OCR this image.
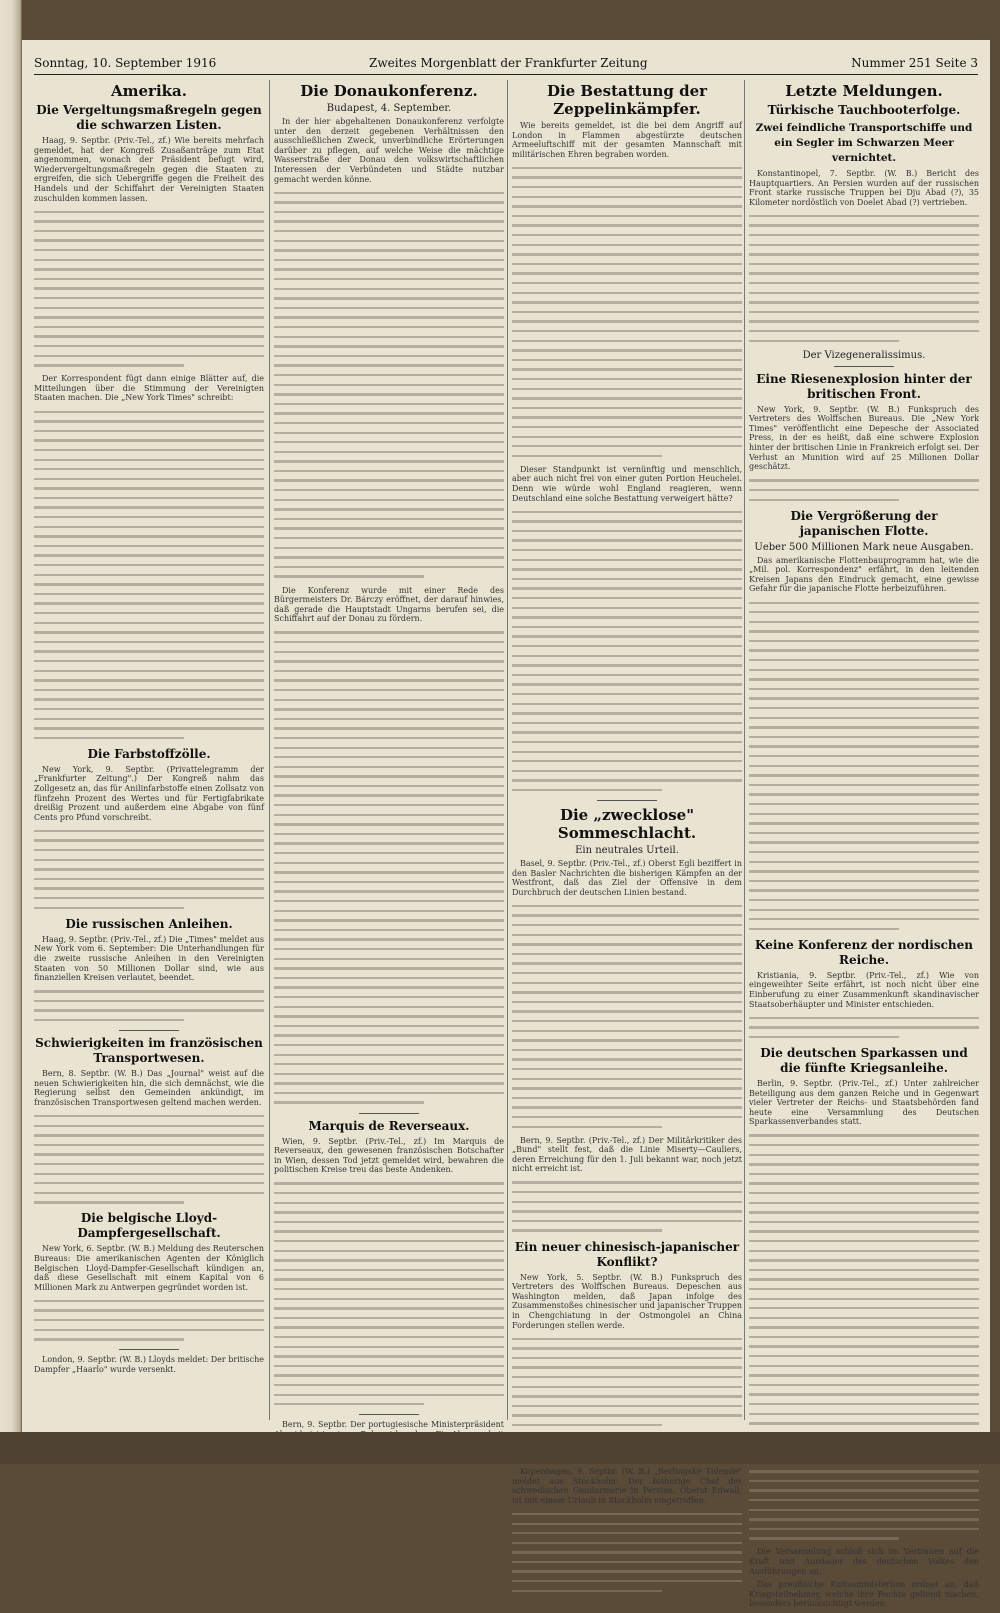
Sonntag, 10. September 1916	Zweites Morgenblatt der Frankfurter Zeitung	Nummer 251 Seite 3
Amerika.
Die Vergeltungsmaßregeln gegen die schwarzen Listen.

Haag, 9. Septbr. (Priv.-Tel., zf.) Wie bereits mehrfach gemeldet, hat der Kongreß Zusaßanträge zum Etat angenommen, wonach der Präsident befugt wird, Wiedervergeltungsmaßregeln gegen die Staaten zu ergreifen, die sich Uebergriffe gegen die Freiheit des Handels und der Schiffahrt der Vereinigten Staaten zuschulden kommen lassen.

Der Korrespondent fügt dann einige Blätter auf, die Mitteilungen über die Stimmung der Vereinigten Staaten machen. Die „New York Times" schreibt:

Die Farbstoffzölle.

New York, 9. Septbr. (Privattelegramm der „Frankfurter Zeitung".) Der Kongreß nahm das Zollgesetz an, das für Anilinfarbstoffe einen Zollsatz von fünfzehn Prozent des Wertes und für Fertigfabrikate dreißig Prozent und außerdem eine Abgabe von fünf Cents pro Pfund vorschreibt.

Die russischen Anleihen.

Haag, 9. Septbr. (Priv.-Tel., zf.) Die „Times" meldet aus New York vom 6. September: Die Unterhandlungen für die zweite russische Anleihen in den Vereinigten Staaten von 50 Millionen Dollar sind, wie aus finanziellen Kreisen verlautet, beendet.

Schwierigkeiten im französischen Transportwesen.

Bern, 8. Septbr. (W. B.) Das „Journal" weist auf die neuen Schwierigkeiten hin, die sich demnächst, wie die Regierung selbst den Gemeinden ankündigt, im französischen Transportwesen geltend machen werden.

Die belgische Lloyd-Dampfergesellschaft.

New York, 6. Septbr. (W. B.) Meldung des Reuterschen Bureaus: Die amerikanischen Agenten der Königlich Belgischen Lloyd-Dampfer-Gesellschaft kündigen an, daß diese Gesellschaft mit einem Kapital von 6 Millionen Mark zu Antwerpen gegründet worden ist.

London, 9. Septbr. (W. B.) Lloyds meldet: Der britische Dampfer „Haarlo" wurde versenkt.

Die Donaukonferenz.
Budapest, 4. September.

In der hier abgehaltenen Donaukonferenz verfolgte unter den derzeit gegebenen Verhältnissen den ausschließlichen Zweck, unverbindliche Erörterungen darüber zu pflegen, auf welche Weise die mächtige Wasserstraße der Donau den volkswirtschaftlichen Interessen der Verbündeten und Städte nutzbar gemacht werden könne.

Die Konferenz wurde mit einer Rede des Bürgermeisters Dr. Bárczy eröffnet, der darauf hinwies, daß gerade die Hauptstadt Ungarns berufen sei, die Schiffahrt auf der Donau zu fördern.

Marquis de Reverseaux.

Wien, 9. Septbr. (Priv.-Tel., zf.) Im Marquis de Reverseaux, den gewesenen französischen Botschafter in Wien, dessen Tod jetzt gemeldet wird, bewahren die politischen Kreise treu das beste Andenken.

Bern, 9. Septbr. Der portugiesische Ministerpräsident

Die Bestattung der Zeppelinkämpfer.

Wie bereits gemeldet, ist die bei dem Angriff auf London in Flammen abgestürzte deutschen Armeeluftschiff mit der gesamten Mannschaft mit militärischen Ehren begraben worden.

Dieser Standpunkt ist vernünftig und menschlich, aber auch nicht frei von einer guten Portion Heuchelei. Denn wie würde wohl England reagieren, wenn Deutschland eine solche Bestattung verweigert hätte?

Die „zwecklose" Sommeschlacht.
Ein neutrales Urteil.

Basel, 9. Septbr. (Priv.-Tel., zf.) Oberst Egli beziffert in den Basler Nachrichten die bisherigen Kämpfen an der Westfront, daß das Ziel der Offensive in dem Durchbruch der deutschen Linien bestand.

Bern, 9. Septbr. (Priv.-Tel., zf.) Der Militärkritiker des „Bund" stellt fest, daß die Linie Miserty—Cauliers, deren Erreichung für den 1. Juli bekannt war, noch jetzt nicht erreicht ist.

Ein neuer chinesisch-japanischer Konflikt?

New York, 5. Septbr. (W. B.) Funkspruch des Vertreters des Wolffschen Bureaus. Depeschen aus Washington melden, daß Japan infolge des Zusammenstoßes chinesischer und japanischer Truppen in Chengchiatung in der Ostmongolei an China Forderungen stellen werde.

Kopenhagen, 9. Septbr. (W. B.) „Berlingske Tidende" meldet aus Stockholm: Der bisherige Chef der schwedischen Gendarmerie in Persien, Oberst Edwall, ist mit einem Urlaub in Stockholm eingetroffen.

Letzte Meldungen.
Türkische Tauchbooterfolge.
Zwei feindliche Transportschiffe und ein Segler im Schwarzen Meer vernichtet.

Konstantinopel, 7. Septbr. (W. B.) Bericht des Hauptquartiers. An Persien wurden auf der russischen Front starke russische Truppen bei Dju Abad (?), 35 Kilometer nordöstlich von Doelet Abad (?) vertrieben.

Der Vizegeneralissimus.
Eine Riesenexplosion hinter der britischen Front.

New York, 9. Septbr. (W. B.) Funkspruch des Vertreters des Wolffschen Bureaus. Die „New York Times" veröffentlicht eine Depesche der Associated Press, in der es heißt, daß eine schwere Explosion hinter der britischen Linie in Frankreich erfolgt sei. Der Verlust an Munition wird auf 25 Millionen Dollar geschätzt.

Die Vergrößerung der japanischen Flotte.
Ueber 500 Millionen Mark neue Ausgaben.

Das amerikanische Flottenbauprogramm hat, wie die „Mil. pol. Korrespondenz" erfährt, in den leitenden Kreisen Japans den Eindruck gemacht, eine gewisse Gefahr für die japanische Flotte herbeizuführen.

Keine Konferenz der nordischen Reiche.

Kristiania, 9. Septbr. (Priv.-Tel., zf.) Wie von eingeweihter Seite erfährt, ist noch nicht über eine Einberufung zu einer Zusammenkunft skandinavischer Staatsoberhäupter und Minister entschieden.

Die deutschen Sparkassen und die fünfte Kriegsanleihe.

Berlin, 9. Septbr. (Priv.-Tel., zf.) Unter zahlreicher Beteiligung aus dem ganzen Reiche und in Gegenwart vieler Vertreter der Reichs- und Staatsbehörden fand heute eine Versammlung des Deutschen Sparkassenverbandes statt.

Die Versammlung schloß sich im Vertrauen auf die Kraft und Ausdauer des deutschen Volkes den Ausführungen an.

Das preußische Kultusministerium ordnet an, daß Kriegsteilnehmer, welche ihre Rechte geltend machen, besonders berücksichtigt werden.
